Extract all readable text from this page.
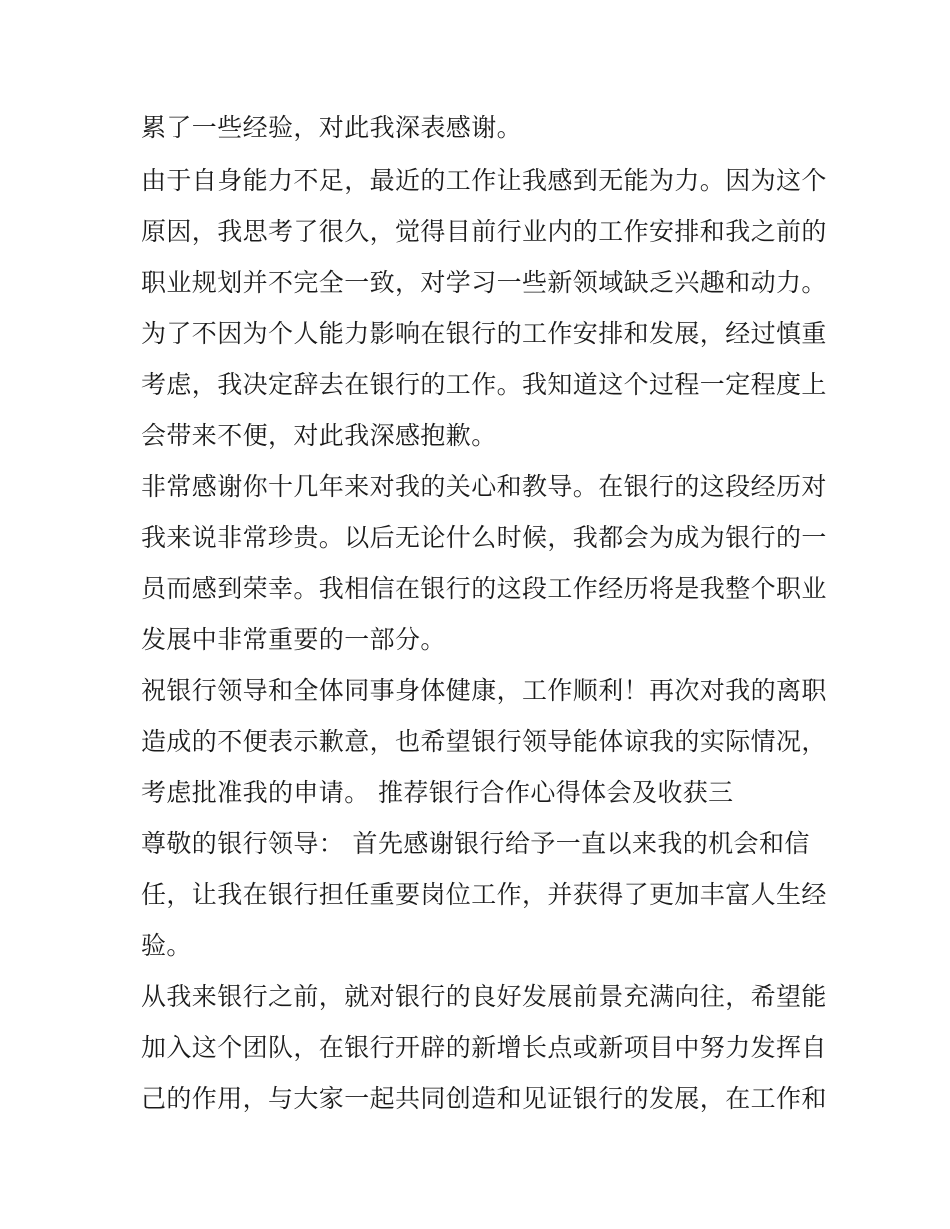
累了一些经验，对此我深表感谢。
由于自身能力不足，最近的工作让我感到无能为力。因为这个
原因，我思考了很久，觉得目前行业内的工作安排和我之前的
职业规划并不完全一致，对学习一些新领域缺乏兴趣和动力。
为了不因为个人能力影响在银行的工作安排和发展，经过慎重
考虑，我决定辞去在银行的工作。我知道这个过程一定程度上
会带来不便，对此我深感抱歉。
非常感谢你十几年来对我的关心和教导。在银行的这段经历对
我来说非常珍贵。以后无论什么时候，我都会为成为银行的一
员而感到荣幸。我相信在银行的这段工作经历将是我整个职业
发展中非常重要的一部分。
祝银行领导和全体同事身体健康，工作顺利！再次对我的离职
造成的不便表示歉意，也希望银行领导能体谅我的实际情况，
考虑批准我的申请。 推荐银行合作心得体会及收获三
尊敬的银行领导： 首先感谢银行给予一直以来我的机会和信
任，让我在银行担任重要岗位工作，并获得了更加丰富人生经
验。
从我来银行之前，就对银行的良好发展前景充满向往，希望能
加入这个团队，在银行开辟的新增长点或新项目中努力发挥自
己的作用，与大家一起共同创造和见证银行的发展，在工作和
